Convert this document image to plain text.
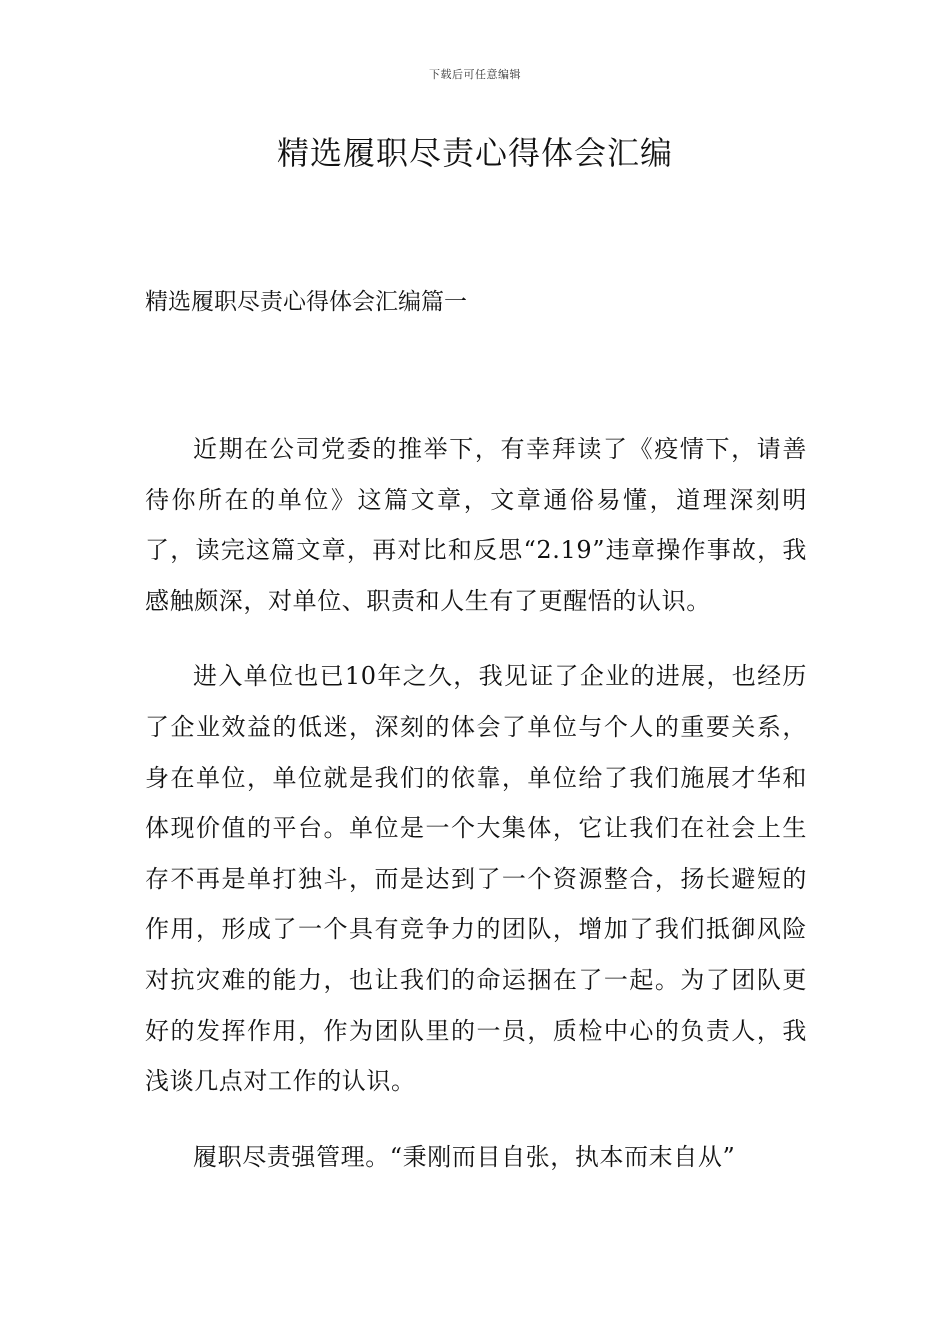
下载后可任意编辑
精选履职尽责心得体会汇编
精选履职尽责心得体会汇编篇一

近期在公司党委的推举下，有幸拜读了《疫情下，请善待你所在的单位》这篇文章，文章通俗易懂，道理深刻明了，读完这篇文章，再对比和反思“2.19”违章操作事故，我感触颇深，对单位、职责和人生有了更醒悟的认识。

进入单位也已10年之久，我见证了企业的进展，也经历了企业效益的低迷，深刻的体会了单位与个人的重要关系，身在单位，单位就是我们的依靠，单位给了我们施展才华和体现价值的平台。单位是一个大集体，它让我们在社会上生存不再是单打独斗，而是达到了一个资源整合，扬长避短的作用，形成了一个具有竞争力的团队，增加了我们抵御风险对抗灾难的能力，也让我们的命运捆在了一起。为了团队更好的发挥作用，作为团队里的一员，质检中心的负责人，我浅谈几点对工作的认识。

履职尽责强管理。“秉刚而目自张，执本而末自从”
